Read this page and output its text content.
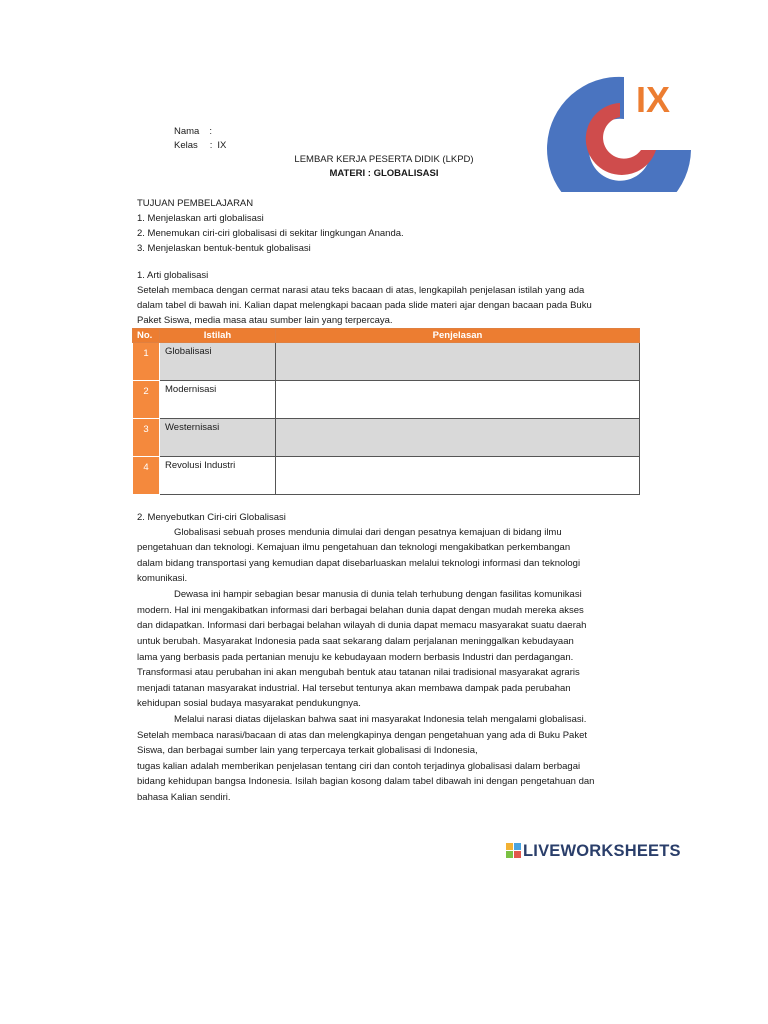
IX
Nama :
Kelas : IX
LEMBAR KERJA PESERTA DIDIK (LKPD)
MATERI : GLOBALISASI
TUJUAN PEMBELAJARAN
1. Menjelaskan arti globalisasi
2. Menemukan ciri-ciri globalisasi di sekitar lingkungan Ananda.
3. Menjelaskan bentuk-bentuk globalisasi
1. Arti globalisasi
Setelah membaca dengan cermat narasi atau teks bacaan di atas, lengkapilah penjelasan istilah yang ada
dalam tabel di bawah ini. Kalian dapat melengkapi bacaan pada slide materi ajar dengan bacaan pada Buku
Paket Siswa, media masa atau sumber lain yang terpercaya.
No.	Istilah	Penjelasan
1	Globalisasi	
2	Modernisasi	
3	Westernisasi	
4	Revolusi Industri	
2. Menyebutkan Ciri-ciri Globalisasi
Globalisasi sebuah proses mendunia dimulai dari dengan pesatnya kemajuan di bidang ilmu
pengetahuan dan teknologi. Kemajuan ilmu pengetahuan dan teknologi mengakibatkan perkembangan
dalam bidang transportasi yang kemudian dapat disebarluaskan melalui teknologi informasi dan teknologi
komunikasi.
Dewasa ini hampir sebagian besar manusia di dunia telah terhubung dengan fasilitas komunikasi
modern. Hal ini mengakibatkan informasi dari berbagai belahan dunia dapat dengan mudah mereka akses
dan didapatkan. Informasi dari berbagai belahan wilayah di dunia dapat memacu masyarakat suatu daerah
untuk berubah. Masyarakat Indonesia pada saat sekarang dalam perjalanan meninggalkan kebudayaan
lama yang berbasis pada pertanian menuju ke kebudayaan modern berbasis Industri dan perdagangan.
Transformasi atau perubahan ini akan mengubah bentuk atau tatanan nilai tradisional masyarakat agraris
menjadi tatanan masyarakat industrial. Hal tersebut tentunya akan membawa dampak pada perubahan
kehidupan sosial budaya masyarakat pendukungnya.
Melalui narasi diatas dijelaskan bahwa saat ini masyarakat Indonesia telah mengalami globalisasi.
Setelah membaca narasi/bacaan di atas dan melengkapinya dengan pengetahuan yang ada di Buku Paket
Siswa, dan berbagai sumber lain yang terpercaya terkait globalisasi di Indonesia,
tugas kalian adalah memberikan penjelasan tentang ciri dan contoh terjadinya globalisasi dalam berbagai
bidang kehidupan bangsa Indonesia. Isilah bagian kosong dalam tabel dibawah ini dengan pengetahuan dan
bahasa Kalian sendiri.
LIVEWORKSHEETS
